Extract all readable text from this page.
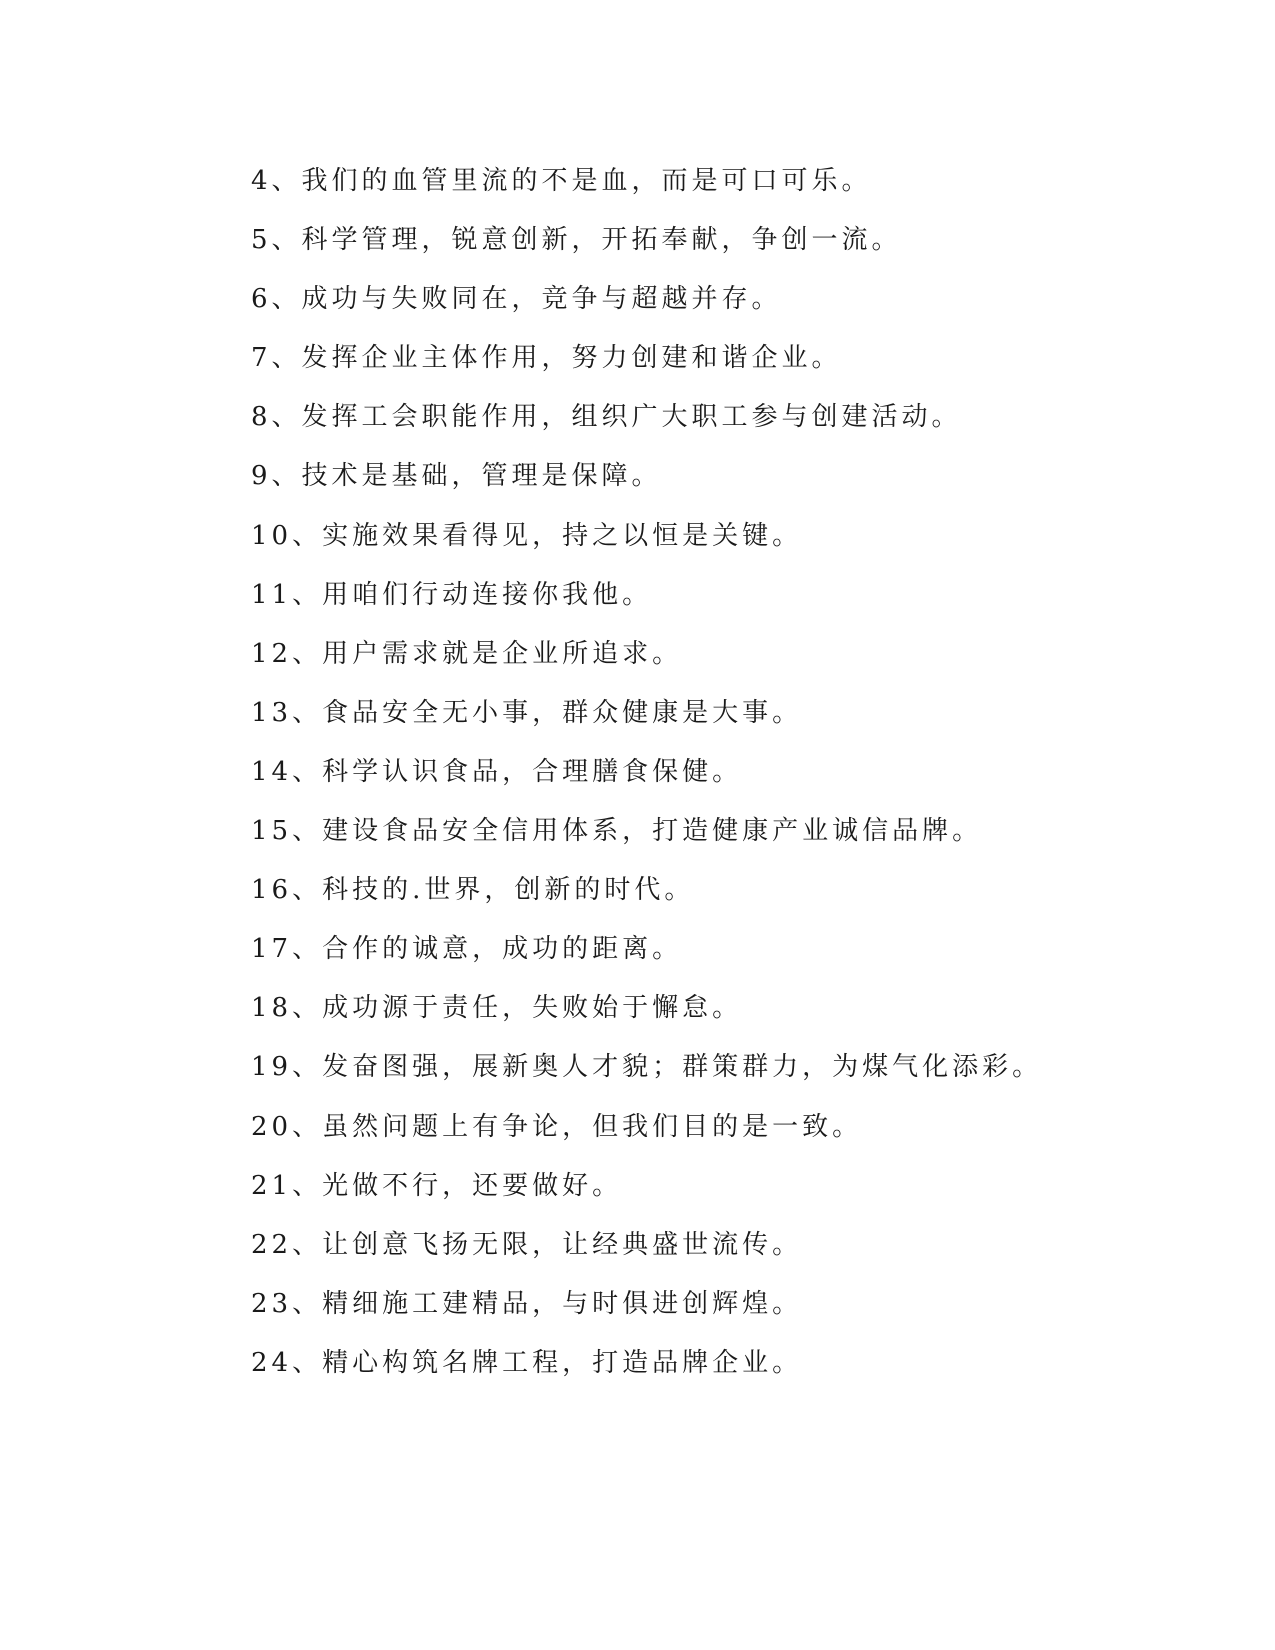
4、我们的血管里流的不是血，而是可口可乐。
5、科学管理，锐意创新，开拓奉献，争创一流。
6、成功与失败同在，竞争与超越并存。
7、发挥企业主体作用，努力创建和谐企业。
8、发挥工会职能作用，组织广大职工参与创建活动。
9、技术是基础，管理是保障。
10、实施效果看得见，持之以恒是关键。
11、用咱们行动连接你我他。
12、用户需求就是企业所追求。
13、食品安全无小事，群众健康是大事。
14、科学认识食品，合理膳食保健。
15、建设食品安全信用体系，打造健康产业诚信品牌。
16、科技的.世界，创新的时代。
17、合作的诚意，成功的距离。
18、成功源于责任，失败始于懈怠。
19、发奋图强，展新奥人才貌；群策群力，为煤气化添彩。
20、虽然问题上有争论，但我们目的是一致。
21、光做不行，还要做好。
22、让创意飞扬无限，让经典盛世流传。
23、精细施工建精品，与时俱进创辉煌。
24、精心构筑名牌工程，打造品牌企业。
